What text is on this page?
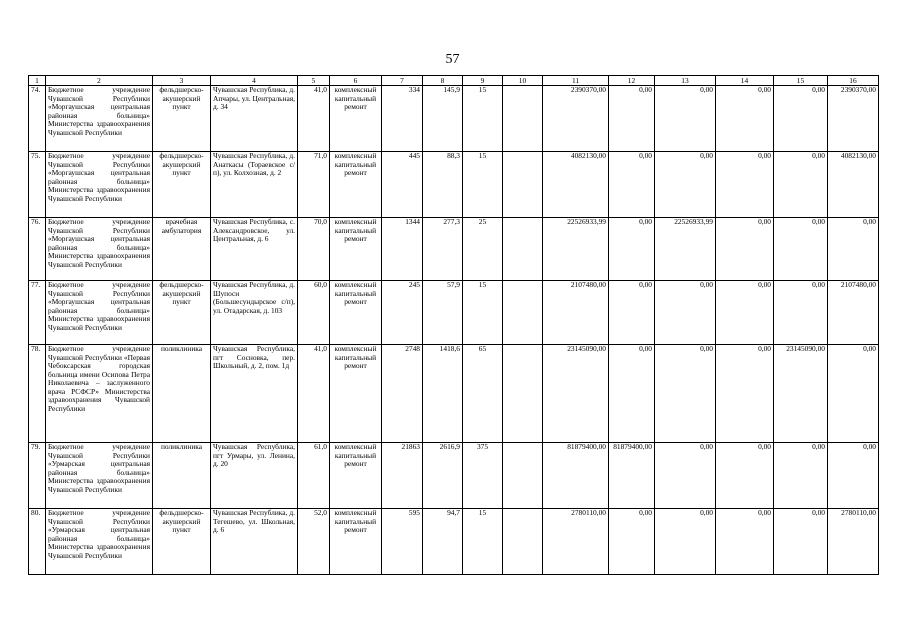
57
1	2	3	4	5	6	7	8	9	10	11	12	13	14	15	16
74.	Бюджетное учреждение Чувашской Республики «Моргаушская центральная районная больница» Министерства здравоохранения Чувашской Республики	фельдшерско-акушерский пункт	Чувашская Республика, д. Апчары, ул. Центральная, д. 34	41,0	комплексный капитальный ремонт	334	145,9	15		2390370,00	0,00	0,00	0,00	0,00	2390370,00
75.	Бюджетное учреждение Чувашской Республики «Моргаушская центральная районная больница» Министерства здравоохранения Чувашской Республики	фельдшерско-акушерский пункт	Чувашская Республика, д. Анаткасы (Тораевское с/п), ул. Колхозная, д. 2	71,0	комплексный капитальный ремонт	445	88,3	15		4082130,00	0,00	0,00	0,00	0,00	4082130,00
76.	Бюджетное учреждение Чувашской Республики «Моргаушская центральная районная больница» Министерства здравоохранения Чувашской Республики	врачебная амбулатория	Чувашская Республика, с. Александровское, ул. Центральная, д. 6	70,0	комплексный капитальный ремонт	1344	277,3	25		22526933,99	0,00	22526933,99	0,00	0,00	0,00
77.	Бюджетное учреждение Чувашской Республики «Моргаушская центральная районная больница» Министерства здравоохранения Чувашской Республики	фельдшерско-акушерский пункт	Чувашская Республика, д. Шупоси (Большесундырское с/п), ул. Отадарская, д. 103	60,0	комплексный капитальный ремонт	245	57,9	15		2107480,00	0,00	0,00	0,00	0,00	2107480,00
78.	Бюджетное учреждение Чувашской Республики «Первая Чебоксарская городская больница имени Осипова Петра Николаевича – заслуженного врача РСФСР» Министерства здравоохранения Чувашской Республики	поликлиника	Чувашская Республика, пгт Сосновка, пер. Школьный, д. 2, пом. 1д	41,0	комплексный капитальный ремонт	2748	1418,6	65		23145090,00	0,00	0,00	0,00	23145090,00	0,00
79.	Бюджетное учреждение Чувашской Республики «Урмарская центральная районная больница» Министерства здравоохранения Чувашской Республики	поликлиника	Чувашская Республика, пгт Урмары, ул. Ленина, д. 20	61,0	комплексный капитальный ремонт	21863	2616,9	375		81879400,00	81879400,00	0,00	0,00	0,00	0,00
80.	Бюджетное учреждение Чувашской Республики «Урмарская центральная районная больница» Министерства здравоохранения Чувашской Республики	фельдшерско-акушерский пункт	Чувашская Республика, д. Тегешево, ул. Школьная, д. 6	52,0	комплексный капитальный ремонт	595	94,7	15		2780110,00	0,00	0,00	0,00	0,00	2780110,00
